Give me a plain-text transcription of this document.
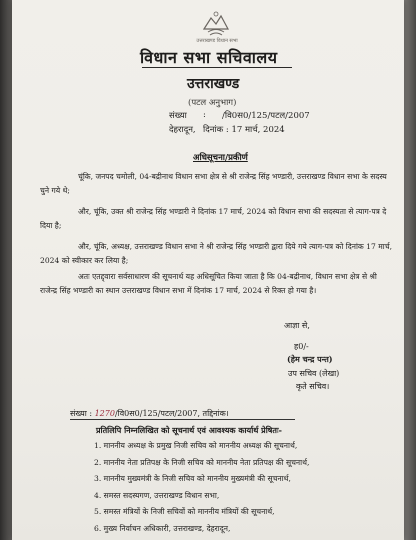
उत्तराखण्ड विधान सभा
विधान सभा सचिवालय
उत्तराखण्ड
(पटल अनुभाग)
संख्या : /वि0स0/125/पटल/2007
देहरादून, दिनांक : 17 मार्च, 2024
अधिसूचना/प्रकीर्ण

चूंकि, जनपद चमोली, 04-बद्रीनाथ विधान सभा क्षेत्र से श्री राजेन्द्र सिंह भण्डारी, उत्तराखण्ड विधान सभा के सदस्य चुने गये थे;

और, चूंकि, उक्त श्री राजेन्द्र सिंह भण्डारी ने दिनांक 17 मार्च, 2024 को विधान सभा की सदस्यता से त्याग-पत्र दे दिया है;

और, चूंकि, अध्यक्ष, उत्तराखण्ड विधान सभा ने श्री राजेन्द्र सिंह भण्डारी द्वारा दिये गये त्याग-पत्र को दिनांक 17 मार्च, 2024 को स्वीकार कर लिया है;

अतः एतद्द्वारा सर्वसाधारण की सूचनार्थ यह अधिसूचित किया जाता है कि 04-बद्रीनाथ, विधान सभा क्षेत्र से श्री राजेन्द्र सिंह भण्डारी का स्थान उत्तराखण्ड विधान सभा में दिनांक 17 मार्च, 2024 से रिक्त हो गया है।

आज्ञा से,
ह0/-
(हेम चन्द्र पन्त)
उप सचिव (लेखा)
कृते सचिव।
संख्या : 1270/वि0स0/125/पटल/2007, तद्दिनांक।
प्रतिलिपि निम्नलिखित को सूचनार्थ एवं आवश्यक कार्यार्थ प्रेषितः-
1. माननीय अध्यक्ष के प्रमुख निजी सचिव को माननीय अध्यक्ष की सूचनार्थ,
2. माननीय नेता प्रतिपक्ष के निजी सचिव को माननीय नेता प्रतिपक्ष की सूचनार्थ,
3. माननीय मुख्यमंत्री के निजी सचिव को माननीय मुख्यमंत्री की सूचनार्थ,
4. समस्त सदस्यगण, उत्तराखण्ड विधान सभा,
5. समस्त मंत्रियों के निजी सचिवों को माननीय मंत्रियों की सूचनार्थ,
6. मुख्य निर्वाचन अधिकारी, उत्तराखण्ड, देहरादून,
